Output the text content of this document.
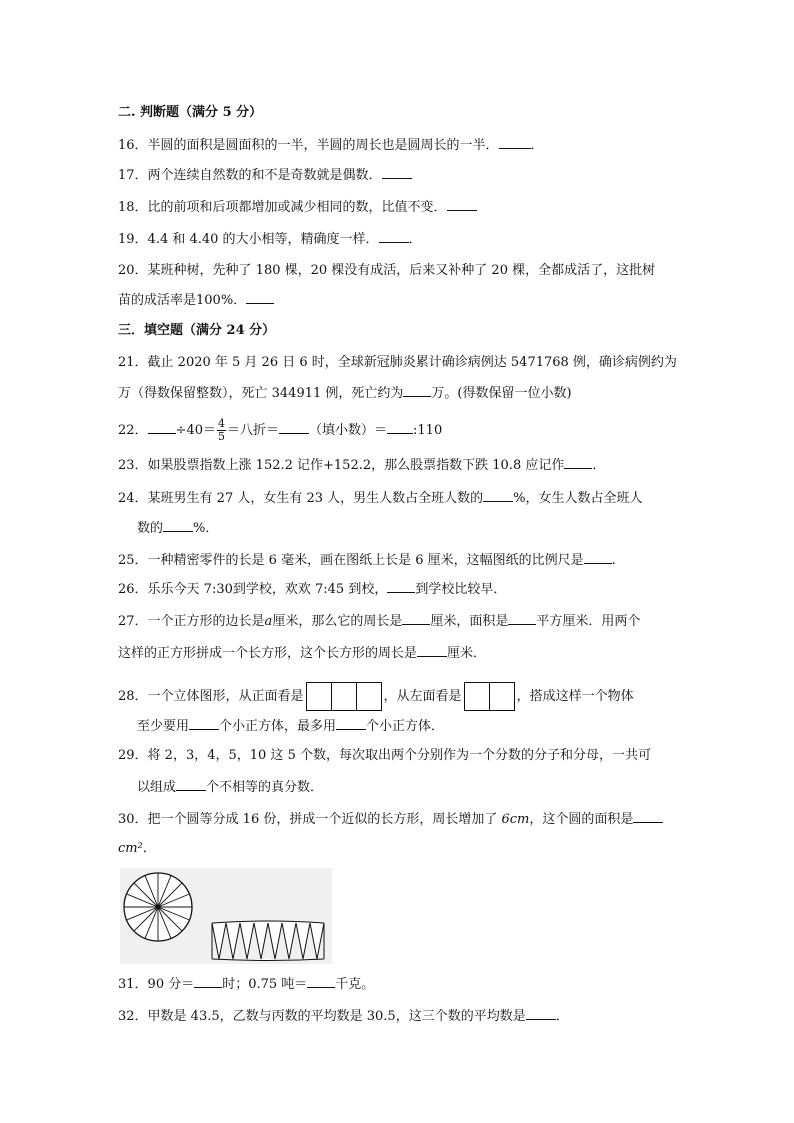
二. 判断题（满分 5 分）
16．半圆的面积是圆面积的一半，半圆的周长也是圆周长的一半． ．
17．两个连续自然数的和不是奇数就是偶数．
18．比的前项和后项都增加或减少相同的数，比值不变．
19．4.4 和 4.40 的大小相等，精确度一样． ．
20．某班种树，先种了 180 棵，20 棵没有成活，后来又补种了 20 棵，全都成活了，这批树
苗的成活率是100%．
三．填空题（满分 24 分）
21．截止 2020 年 5 月 26 日 6 时，全球新冠肺炎累计确诊病例达 5471768 例，确诊病例约为
万（得数保留整数），死亡 344911 例，死亡约为 万。(得数保留一位小数)
22． $\div 40= \frac{4}{5}$ ＝八折＝ （填小数）＝ :110
23．如果股票指数上涨 152.2 记作+152.2，那么股票指数下跌 10.8 应记作 ．
24．某班男生有 27 人，女生有 23 人，男生人数占全班人数的 %，女生人数占全班人
数的 %．
25．一种精密零件的长是 6 毫米，画在图纸上长是 6 厘米，这幅图纸的比例尺是 .
26．乐乐今天 7:30到学校，欢欢 7:45 到校， 到学校比较早．
27．一个正方形的边长是a厘米，那么它的周长是 厘米，面积是 平方厘米．用两个
这样的正方形拼成一个长方形，这个长方形的周长是 厘米．
28．一个立体图形，从正面看是	，从左面看是	，搭成这样一个物体
至少要用 个小正方体，最多用 个小正方体．
29．将 2，3，4，5，10 这 5 个数，每次取出两个分别作为一个分数的分子和分母，一共可
以组成 个不相等的真分数．
30．把一个圆等分成 16 份，拼成一个近似的长方形，周长增加了 6cm，这个圆的面积是
cm²．
31．90 分＝ 时；0.75 吨＝ 千克。
32．甲数是 43.5，乙数与丙数的平均数是 30.5，这三个数的平均数是 ．
